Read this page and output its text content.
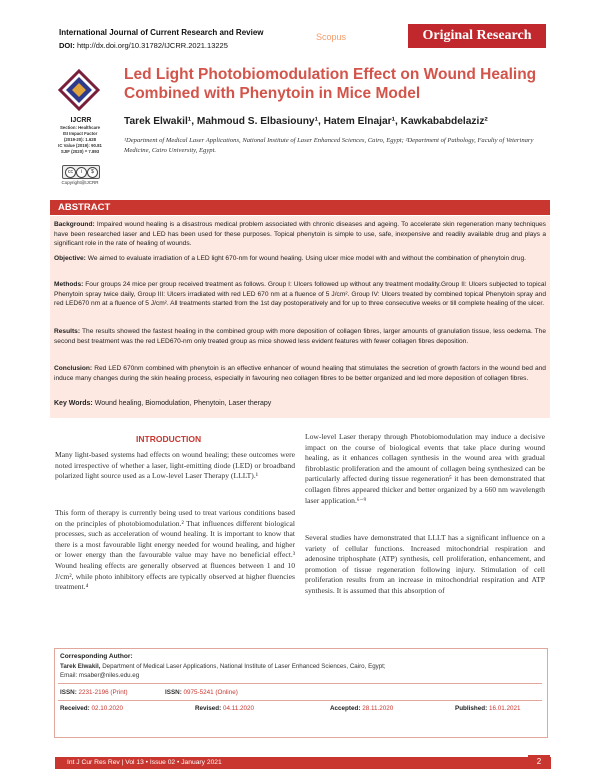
International Journal of Current Research and Review
DOI: http://dx.doi.org/10.31782/IJCRR.2021.13225
Scopus	Original Research
IJCRR
Section: Healthcare
ISI Impact Factor
(2019-20): 1.628
IC Value (2019): 90.81
SJIF (2020) = 7.893
cc	i	$
Copyright@IJCRR
Led Light Photobiomodulation Effect on Wound Healing Combined with Phenytoin in Mice Model
Tarek Elwakil¹, Mahmoud S. Elbasiouny¹, Hatem Elnajar¹, Kawkababdelaziz²
¹Department of Medical Laser Applications, National Institute of Laser Enhanced Sciences, Cairo, Egypt; ²Department of Pathology, Faculty of Veterinary Medicine, Cairo University, Egypt.
ABSTRACT

Background: Impaired wound healing is a disastrous medical problem associated with chronic diseases and ageing. To accelerate skin regeneration many techniques have been researched laser and LED has been used for these purposes. Topical phenytoin is simple to use, safe, inexpensive and readily available drug and plays a significant role in the rate of healing of wounds.

Objective: We aimed to evaluate irradiation of a LED light 670-nm for wound healing. Using ulcer mice model with and without the combination of phenytoin drug.

Methods: Four groups 24 mice per group received treatment as follows. Group I: Ulcers followed up without any treatment modality.Group II: Ulcers subjected to topical Phenytoin spray twice daily, Group III: Ulcers irradiated with red LED 670 nm at a fluence of 5 J/cm². Group IV: Ulcers treated by combined topical Phenytoin spray and red LED670 nm at a fluence of 5 J/cm². All treatments started from the 1st day postoperatively and for up to three consecutive weeks or till complete healing of the ulcer.

Results: The results showed the fastest healing in the combined group with more deposition of collagen fibres, larger amounts of granulation tissue, less oedema. The second best treatment was the red LED670-nm only treated group as mice showed less evident features with fewer collagen fibres deposition.

Conclusion: Red LED 670nm combined with phenytoin is an effective enhancer of wound healing that stimulates the secretion of growth factors in the wound bed and induce many changes during the skin healing process, especially in favouring neo collagen fibres to be better organized and led more deposition of collagen fibres.

Key Words: Wound healing, Biomodulation, Phenytoin, Laser therapy
INTRODUCTION
Many light-based systems had effects on wound healing; these outcomes were noted irrespective of whether a laser, light-emitting diode (LED) or broadband polarized light source used as a Low-level Laser Therapy (LLLT).¹
This form of therapy is currently being used to treat various conditions based on the principles of photobiomodulation.² That influences different biological processes, such as acceleration of wound healing. It is important to know that there is a most favourable light energy needed for wound healing, and higher or lower energy than the favourable value may have no beneficial effect.³ Wound healing effects are generally observed at fluences between 1 and 10 J/cm², while photo inhibitory effects are typically observed at higher fluencies treatment.⁴
Low-level Laser therapy through Photobiomodulation may induce a decisive impact on the course of biological events that take place during wound healing, as it enhances collagen synthesis in the wound area with gradual fibroblastic proliferation and the amount of collagen being synthesized can be particularly affected during tissue regeneration⁵ it has been demonstrated that collagen fibres appeared thicker and better organized by a 660 nm wavelength laser application.⁶⁻⁹
Several studies have demonstrated that LLLT has a significant influence on a variety of cellular functions. Increased mitochondrial respiration and adenosine triphosphate (ATP) synthesis, cell proliferation, enhancement, and promotion of tissue regeneration following injury. Stimulation of cell proliferation results from an increase in mitochondrial respiration and ATP synthesis. It is assumed that this absorption of
Corresponding Author:
Tarek Elwakil, Department of Medical Laser Applications, National Institute of Laser Enhanced Sciences, Cairo, Egypt;
Email: msaber@niles.edu.eg
ISSN: 2231-2196 (Print)	ISSN: 0975-5241 (Online)
Received: 02.10.2020	Revised: 04.11.2020	Accepted: 28.11.2020	Published: 16.01.2021
Int J Cur Res Rev | Vol 13 • Issue 02 • January 2021	2
